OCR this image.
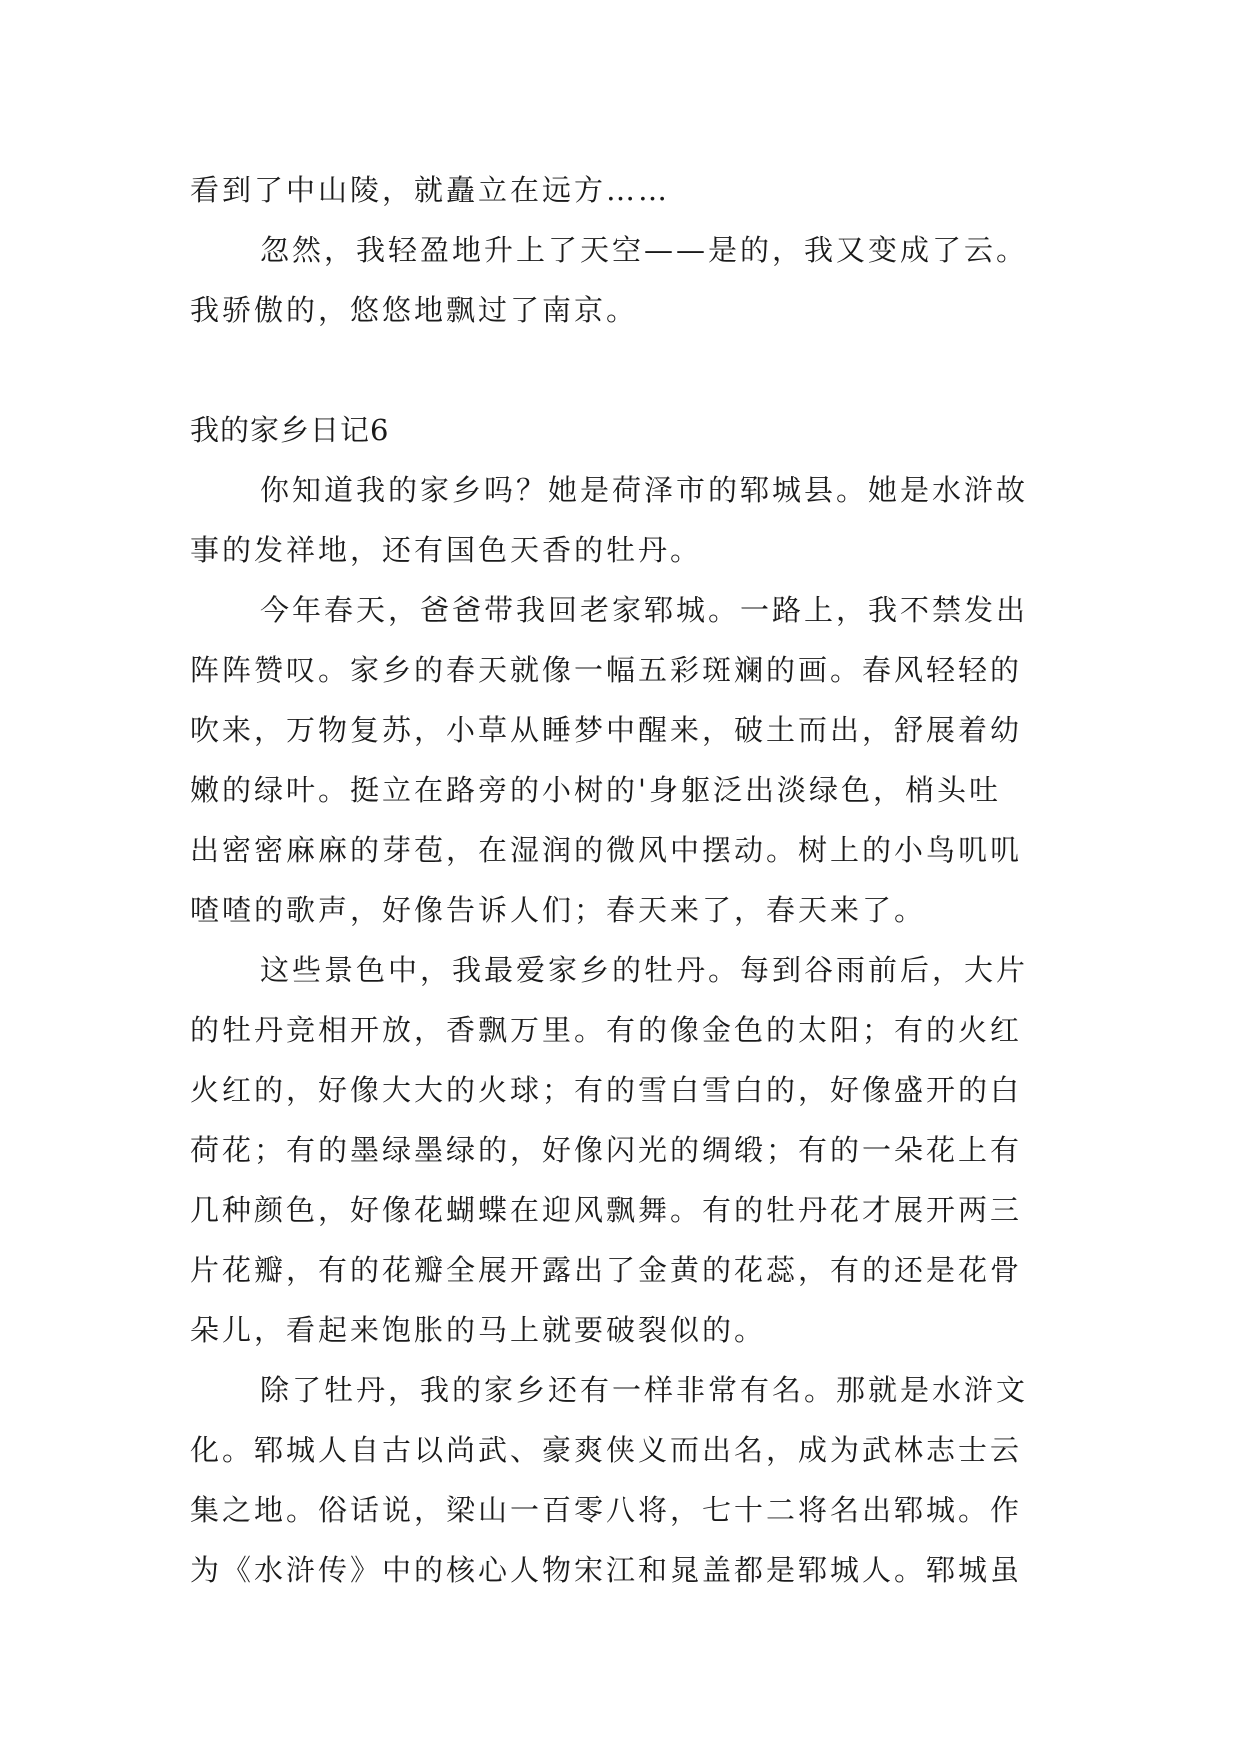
看到了中山陵，就矗立在远方……
忽然，我轻盈地升上了天空——是的，我又变成了云。
我骄傲的，悠悠地飘过了南京。
我的家乡日记6
你知道我的家乡吗？她是荷泽市的郓城县。她是水浒故
事的发祥地，还有国色天香的牡丹。
今年春天，爸爸带我回老家郓城。一路上，我不禁发出
阵阵赞叹。家乡的春天就像一幅五彩斑斓的画。春风轻轻的
吹来，万物复苏，小草从睡梦中醒来，破土而出，舒展着幼
嫩的绿叶。挺立在路旁的小树的'身躯泛出淡绿色，梢头吐
出密密麻麻的芽苞，在湿润的微风中摆动。树上的小鸟叽叽
喳喳的歌声，好像告诉人们；春天来了，春天来了。
这些景色中，我最爱家乡的牡丹。每到谷雨前后，大片
的牡丹竞相开放，香飘万里。有的像金色的太阳；有的火红
火红的，好像大大的火球；有的雪白雪白的，好像盛开的白
荷花；有的墨绿墨绿的，好像闪光的绸缎；有的一朵花上有
几种颜色，好像花蝴蝶在迎风飘舞。有的牡丹花才展开两三
片花瓣，有的花瓣全展开露出了金黄的花蕊，有的还是花骨
朵儿，看起来饱胀的马上就要破裂似的。
除了牡丹，我的家乡还有一样非常有名。那就是水浒文
化。郓城人自古以尚武、豪爽侠义而出名，成为武林志士云
集之地。俗话说，梁山一百零八将，七十二将名出郓城。作
为《水浒传》中的核心人物宋江和晁盖都是郓城人。郓城虽
